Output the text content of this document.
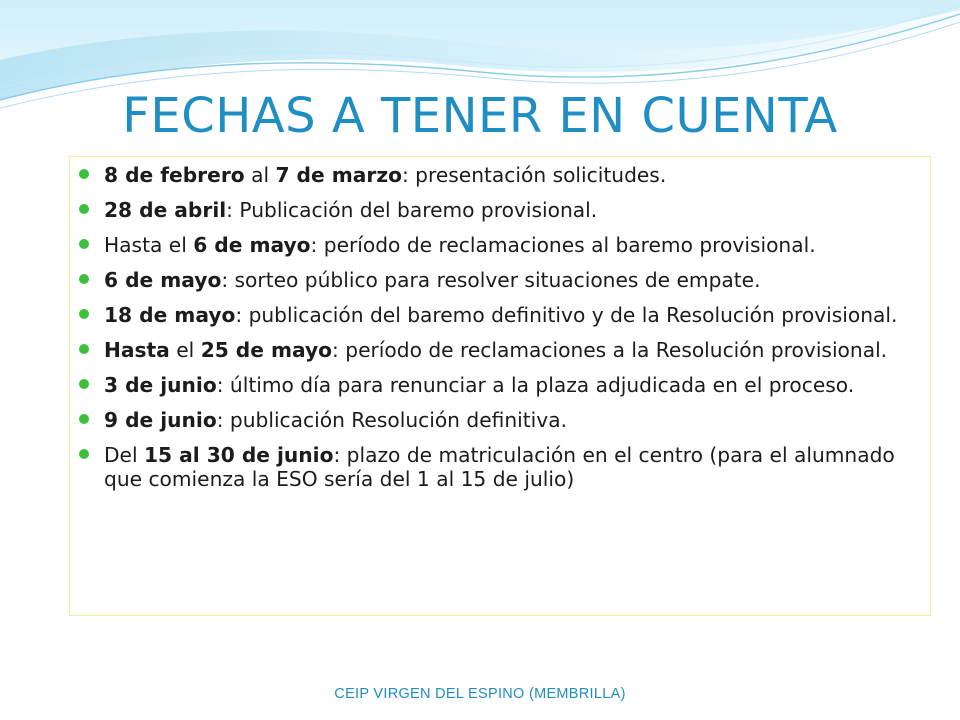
FECHAS A TENER EN CUENTA
8 de febrero al 7 de marzo: presentación solicitudes.
28 de abril: Publicación del baremo provisional.
Hasta el 6 de mayo: período de reclamaciones al baremo provisional.
6 de mayo: sorteo público para resolver situaciones de empate.
18 de mayo: publicación del baremo definitivo y de la Resolución provisional.
Hasta el 25 de mayo: período de reclamaciones a la Resolución provisional.
3 de junio: último día para renunciar a la plaza adjudicada en el proceso.
9 de junio: publicación Resolución definitiva.
Del 15 al 30 de junio: plazo de matriculación en el centro (para el alumnado que comienza la ESO sería del 1 al 15 de julio)
CEIP VIRGEN DEL ESPINO (MEMBRILLA)
